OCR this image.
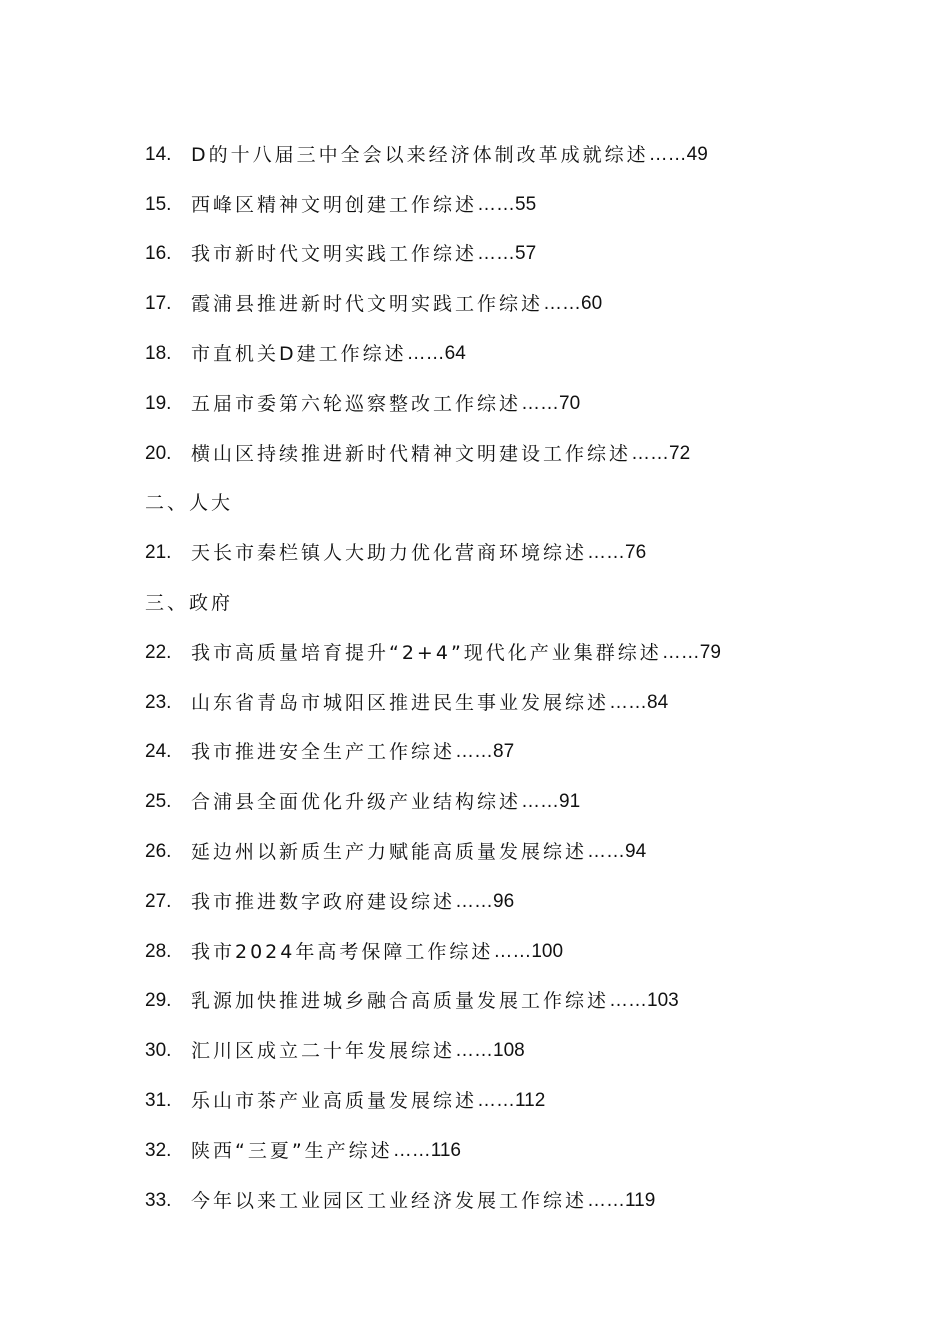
14.	D的十八届三中全会以来经济体制改革成就综述 …… 49
15.	西峰区精神文明创建工作综述 …… 55
16.	我市新时代文明实践工作综述 …… 57
17.	霞浦县推进新时代文明实践工作综述 …… 60
18.	市直机关D建工作综述 …… 64
19.	五届市委第六轮巡察整改工作综述 …… 70
20.	横山区持续推进新时代精神文明建设工作综述 …… 72
二、人大
21.	天长市秦栏镇人大助力优化营商环境综述 …… 76
三、政府
22.	我市高质量培育提升“2+4”现代化产业集群综述 …… 79
23.	山东省青岛市城阳区推进民生事业发展综述 …… 84
24.	我市推进安全生产工作综述 …… 87
25.	合浦县全面优化升级产业结构综述 …… 91
26.	延边州以新质生产力赋能高质量发展综述 …… 94
27.	我市推进数字政府建设综述 …… 96
28.	我市2024年高考保障工作综述 …… 100
29.	乳源加快推进城乡融合高质量发展工作综述 …… 103
30.	汇川区成立二十年发展综述 …… 108
31.	乐山市茶产业高质量发展综述 …… 112
32.	陕西“三夏”生产综述 …… 116
33.	今年以来工业园区工业经济发展工作综述 …… 119
